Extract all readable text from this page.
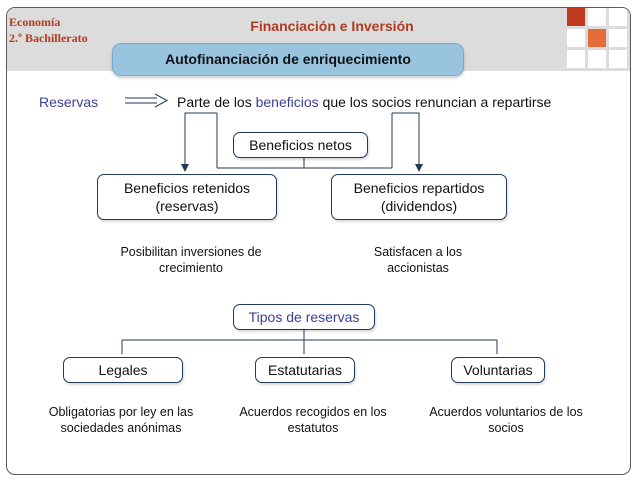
Economía
2.º Bachillerato
Financiación e Inversión
Autofinanciación de enriquecimiento
Reservas	Parte de los beneficios que los socios renuncian a repartirse
Beneficios netos
Beneficios retenidos
(reservas)
Beneficios repartidos
(dividendos)
Posibilitan inversiones de
crecimiento
Satisfacen a los
accionistas
Tipos de reservas
Legales	Estatutarias	Voluntarias
Obligatorias por ley en las
sociedades anónimas
Acuerdos recogidos en los
estatutos
Acuerdos voluntarios de los
socios
